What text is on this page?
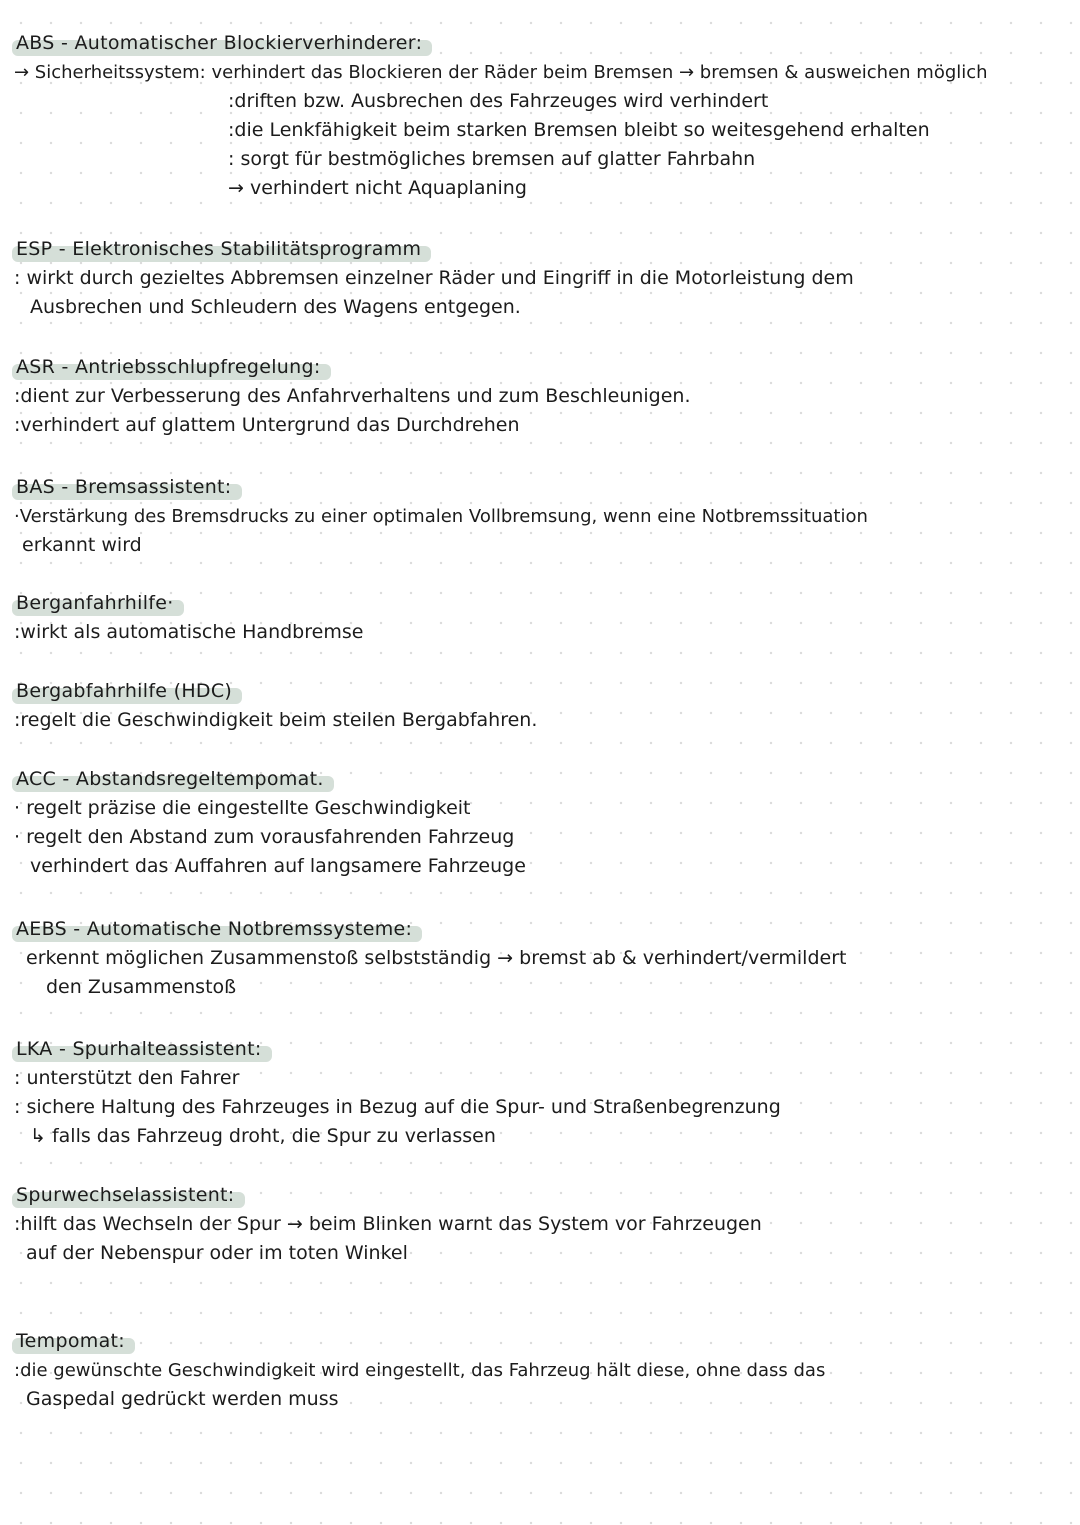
ABS - Automatischer Blockierverhinderer:
→ Sicherheitssystem: verhindert das Blockieren der Räder beim Bremsen → bremsen & ausweichen möglich
:driften bzw. Ausbrechen des Fahrzeuges wird verhindert
:die Lenkfähigkeit beim starken Bremsen bleibt so weitesgehend erhalten
: sorgt für bestmögliches bremsen auf glatter Fahrbahn
→ verhindert nicht Aquaplaning
ESP - Elektronisches Stabilitätsprogramm
: wirkt durch gezieltes Abbremsen einzelner Räder und Eingriff in die Motorleistung dem
Ausbrechen und Schleudern des Wagens entgegen.
ASR - Antriebsschlupfregelung:
:dient zur Verbesserung des Anfahrverhaltens und zum Beschleunigen.
:verhindert auf glattem Untergrund das Durchdrehen
BAS - Bremsassistent:
·Verstärkung des Bremsdrucks zu einer optimalen Vollbremsung, wenn eine Notbremssituation
erkannt wird
Berganfahrhilfe·
:wirkt als automatische Handbremse
Bergabfahrhilfe (HDC)
:regelt die Geschwindigkeit beim steilen Bergabfahren.
ACC - Abstandsregeltempomat.
· regelt präzise die eingestellte Geschwindigkeit
· regelt den Abstand zum vorausfahrenden Fahrzeug
verhindert das Auffahren auf langsamere Fahrzeuge
AEBS - Automatische Notbremssysteme:
erkennt möglichen Zusammenstoß selbstständig → bremst ab & verhindert/vermildert
den Zusammenstoß
LKA - Spurhalteassistent:
: unterstützt den Fahrer
: sichere Haltung des Fahrzeuges in Bezug auf die Spur- und Straßenbegrenzung
↳ falls das Fahrzeug droht, die Spur zu verlassen
Spurwechselassistent:
:hilft das Wechseln der Spur → beim Blinken warnt das System vor Fahrzeugen
auf der Nebenspur oder im toten Winkel
Tempomat:
:die gewünschte Geschwindigkeit wird eingestellt, das Fahrzeug hält diese, ohne dass das
Gaspedal gedrückt werden muss
